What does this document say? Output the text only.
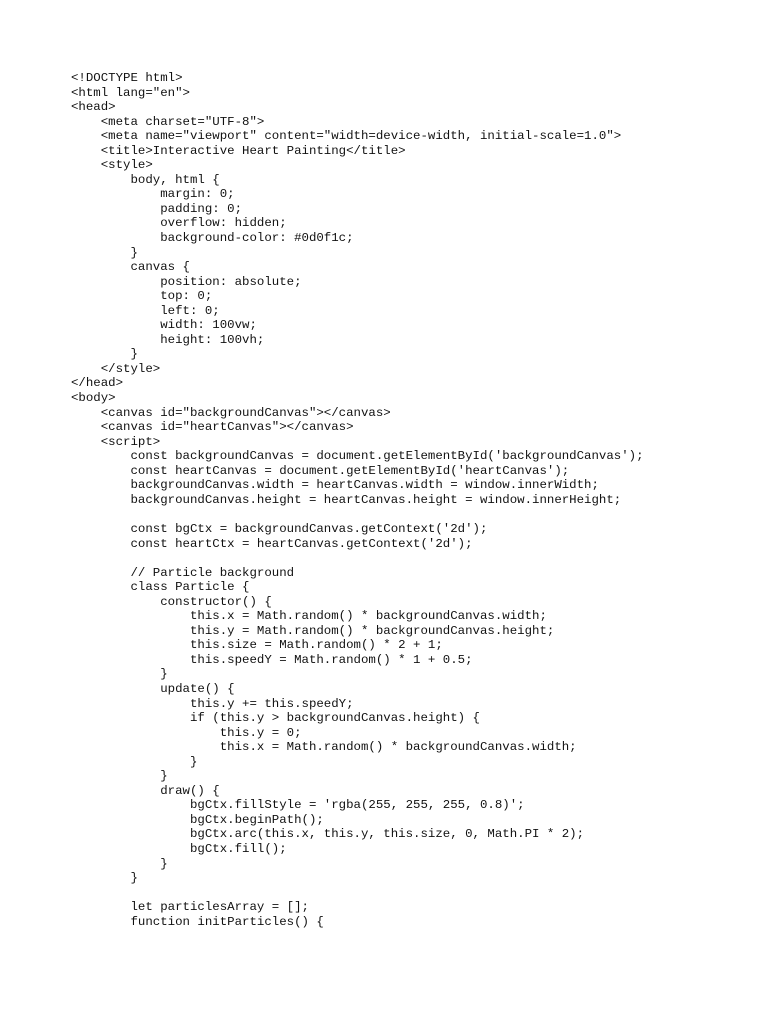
<!DOCTYPE html>
<html lang="en">
<head>
<meta charset="UTF-8">
<meta name="viewport" content="width=device-width, initial-scale=1.0">
<title>Interactive Heart Painting</title>
<style>
body, html {
margin: 0;
padding: 0;
overflow: hidden;
background-color: #0d0f1c;
}
canvas {
position: absolute;
top: 0;
left: 0;
width: 100vw;
height: 100vh;
}
</style>
</head>
<body>
<canvas id="backgroundCanvas"></canvas>
<canvas id="heartCanvas"></canvas>
<script>
const backgroundCanvas = document.getElementById('backgroundCanvas');
const heartCanvas = document.getElementById('heartCanvas');
backgroundCanvas.width = heartCanvas.width = window.innerWidth;
backgroundCanvas.height = heartCanvas.height = window.innerHeight;
const bgCtx = backgroundCanvas.getContext('2d');
const heartCtx = heartCanvas.getContext('2d');
// Particle background
class Particle {
constructor() {
this.x = Math.random() * backgroundCanvas.width;
this.y = Math.random() * backgroundCanvas.height;
this.size = Math.random() * 2 + 1;
this.speedY = Math.random() * 1 + 0.5;
}
update() {
this.y += this.speedY;
if (this.y > backgroundCanvas.height) {
this.y = 0;
this.x = Math.random() * backgroundCanvas.width;
}
}
draw() {
bgCtx.fillStyle = 'rgba(255, 255, 255, 0.8)';
bgCtx.beginPath();
bgCtx.arc(this.x, this.y, this.size, 0, Math.PI * 2);
bgCtx.fill();
}
}
let particlesArray = [];
function initParticles() {
